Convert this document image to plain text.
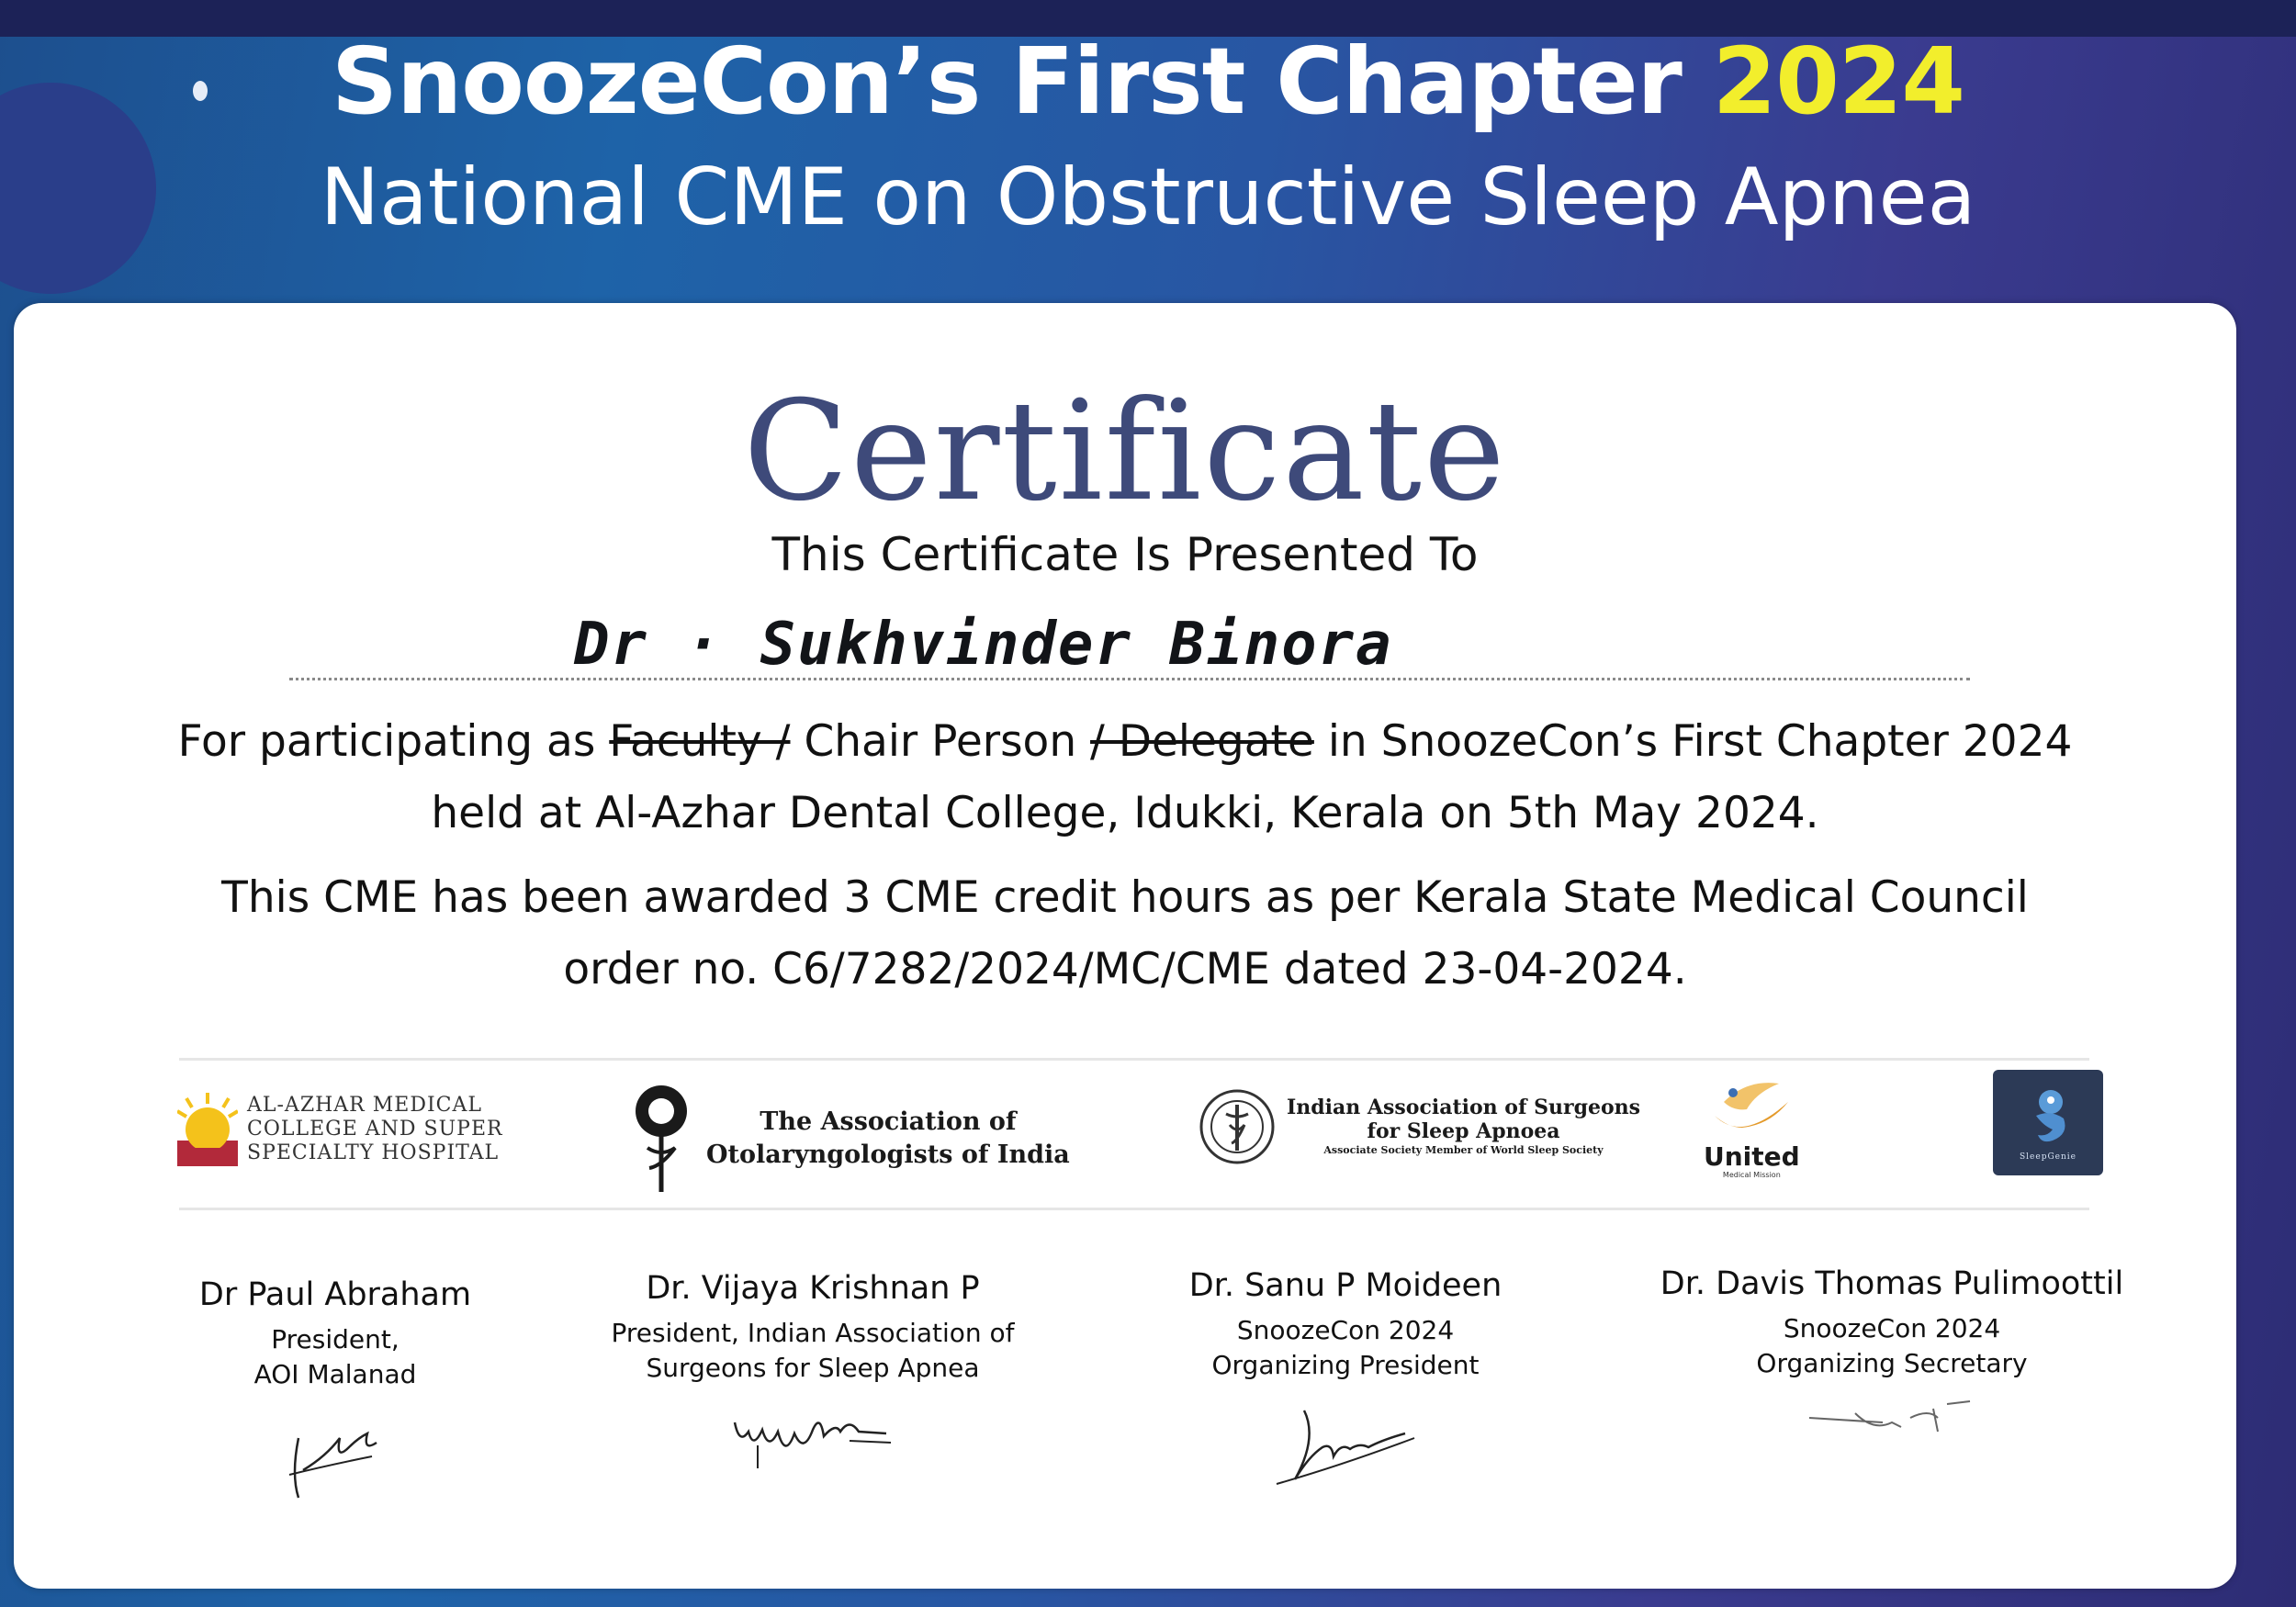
SnoozeCon’s First Chapter 2024
National CME on Obstructive Sleep Apnea
Certificate
This Certificate Is Presented To
Dr · Sukhvinder Binora
For participating as Faculty / Chair Person / Delegate in SnoozeCon’s First Chapter 2024
held at Al-Azhar Dental College, Idukki, Kerala on 5th May 2024.
This CME has been awarded 3 CME credit hours as per Kerala State Medical Council
order no. C6/7282/2024/MC/CME dated 23-04-2024.
AL-AZHAR MEDICAL
COLLEGE AND SUPER
SPECIALTY HOSPITAL
The Association of
Otolaryngologists of India
Indian Association of Surgeons
for Sleep Apnoea
Associate Society Member of World Sleep Society	United
Medical Mission
SleepGenie
Dr Paul Abraham
President,
AOI Malanad
Dr. Vijaya Krishnan P
President, Indian Association of
Surgeons for Sleep Apnea
Dr. Sanu P Moideen
SnoozeCon 2024
Organizing President
Dr. Davis Thomas Pulimoottil
SnoozeCon 2024
Organizing Secretary
